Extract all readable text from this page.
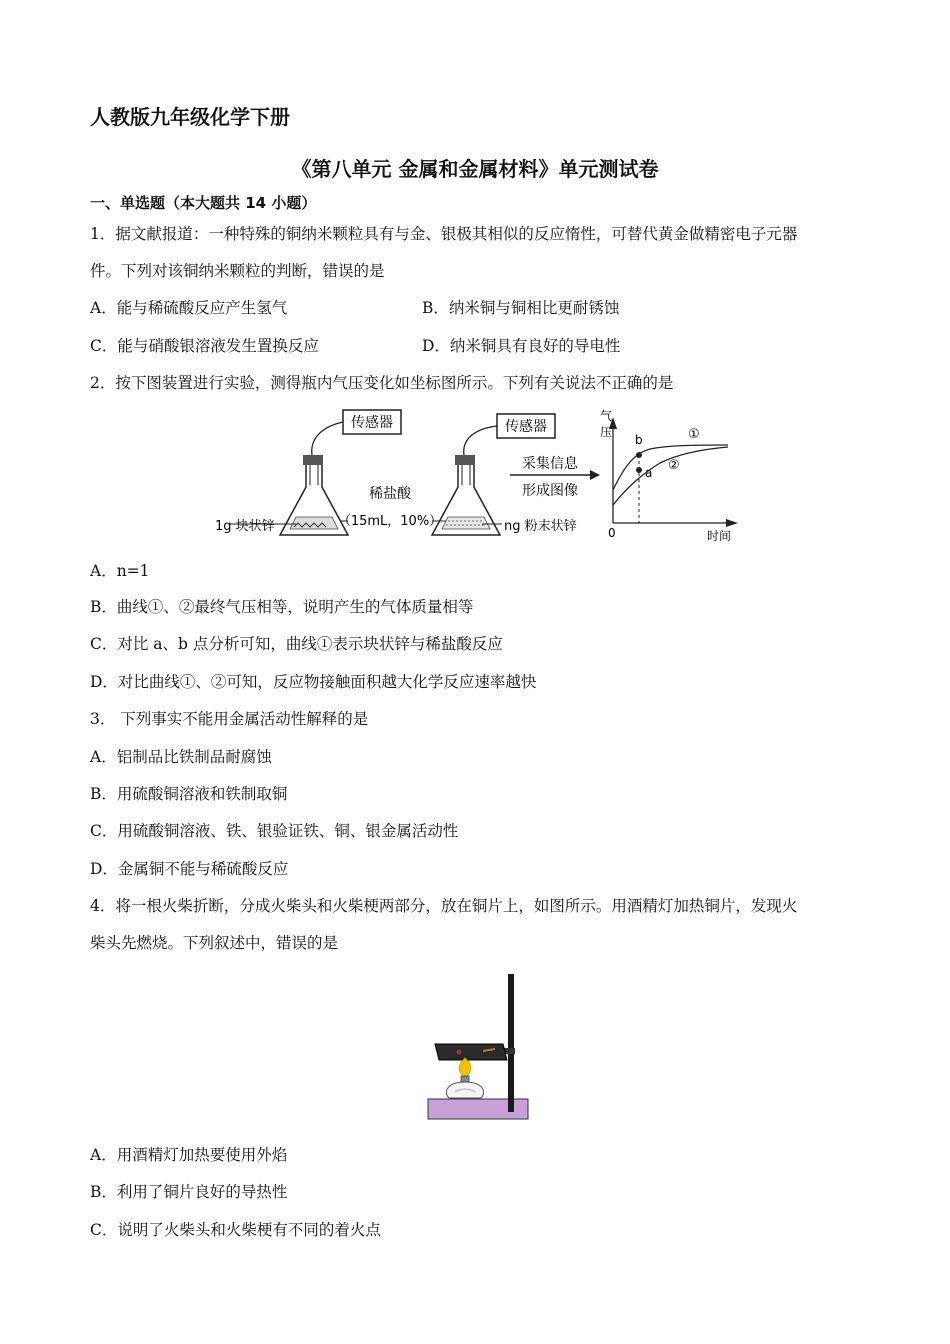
人教版九年级化学下册
《第八单元 金属和金属材料》单元测试卷
一、单选题（本大题共 14 小题）
1．据文献报道：一种特殊的铜纳米颗粒具有与金、银极其相似的反应惰性，可替代黄金做精密电子元器
件。下列对该铜纳米颗粒的判断，错误的是
A．能与稀硫酸反应产生氢气	B．纳米铜与铜相比更耐锈蚀
C．能与硝酸银溶液发生置换反应	D．纳米铜具有良好的导电性
2．按下图装置进行实验，测得瓶内气压变化如坐标图所示。下列有关说法不正确的是
传感器
1g 块状锌
稀盐酸
（15mL，10%）
传感器
ng 粉末状锌
采集信息
形成图像
气
压
时间
0
b
a
①
②
A．n=1
B．曲线①、②最终气压相等，说明产生的气体质量相等
C．对比 a、b 点分析可知，曲线①表示块状锌与稀盐酸反应
D．对比曲线①、②可知，反应物接触面积越大化学反应速率越快
3． 下列事实不能用金属活动性解释的是
A．铝制品比铁制品耐腐蚀
B．用硫酸铜溶液和铁制取铜
C．用硫酸铜溶液、铁、银验证铁、铜、银金属活动性
D．金属铜不能与稀硫酸反应
4．将一根火柴折断，分成火柴头和火柴梗两部分，放在铜片上，如图所示。用酒精灯加热铜片，发现火
柴头先燃烧。下列叙述中，错误的是
A．用酒精灯加热要使用外焰
B．利用了铜片良好的导热性
C．说明了火柴头和火柴梗有不同的着火点
